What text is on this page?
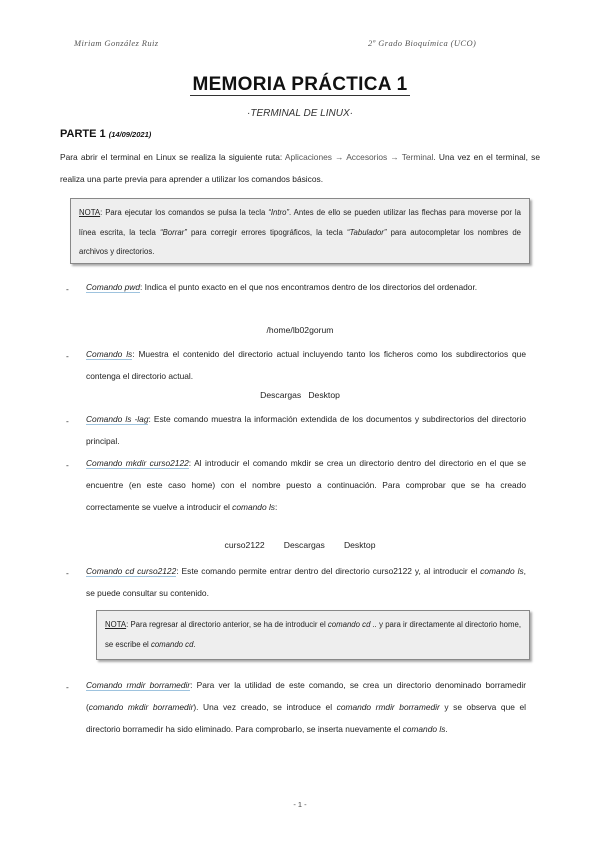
Miriam González Ruiz	2º Grado Bioquímica (UCO)
MEMORIA PRÁCTICA 1
·TERMINAL DE LINUX·
PARTE 1 (14/09/2021)
Para abrir el terminal en Linux se realiza la siguiente ruta: Aplicaciones → Accesorios → Terminal. Una vez en el terminal, se realiza una parte previa para aprender a utilizar los comandos básicos.
NOTA: Para ejecutar los comandos se pulsa la tecla “Intro”. Antes de ello se pueden utilizar las flechas para moverse por la línea escrita, la tecla “Borrar” para corregir errores tipográficos, la tecla “Tabulador” para autocompletar los nombres de archivos y directorios.
- Comando pwd: Indica el punto exacto en el que nos encontramos dentro de los directorios del ordenador.
/home/lb02gorum
- Comando ls: Muestra el contenido del directorio actual incluyendo tanto los ficheros como los subdirectorios que contenga el directorio actual.
Descargas   Desktop
- Comando ls -lag: Este comando muestra la información extendida de los documentos y subdirectorios del directorio principal.
- Comando mkdir curso2122: Al introducir el comando mkdir se crea un directorio dentro del directorio en el que se encuentre (en este caso home) con el nombre puesto a continuación. Para comprobar que se ha creado correctamente se vuelve a introducir el comando ls:
curso2122        Descargas        Desktop
- Comando cd curso2122: Este comando permite entrar dentro del directorio curso2122 y, al introducir el comando ls, se puede consultar su contenido.
NOTA: Para regresar al directorio anterior, se ha de introducir el comando cd .. y para ir directamente al directorio home, se escribe el comando cd.
- Comando rmdir borramedir: Para ver la utilidad de este comando, se crea un directorio denominado borramedir (comando mkdir borramedir). Una vez creado, se introduce el comando rmdir borramedir y se observa que el directorio borramedir ha sido eliminado. Para comprobarlo, se inserta nuevamente el comando ls.
- 1 -
